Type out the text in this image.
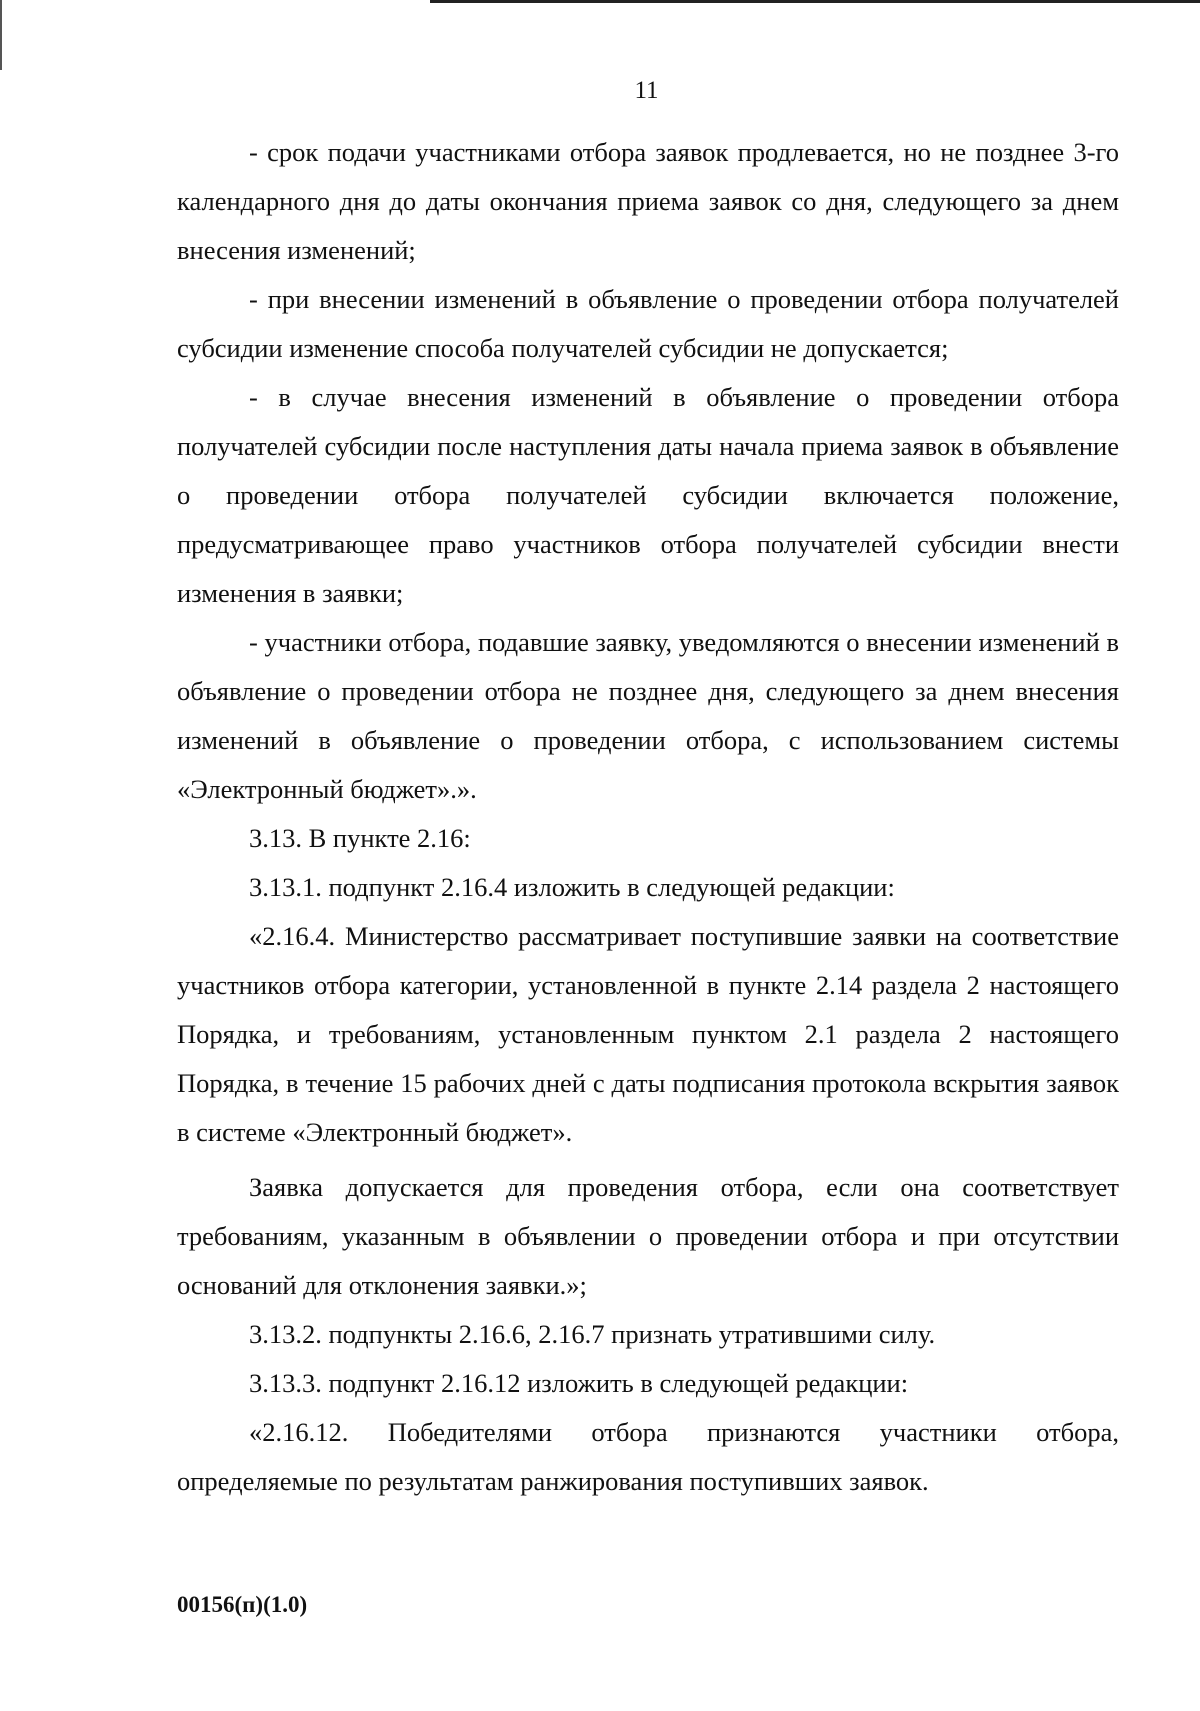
11

- срок подачи участниками отбора заявок продлевается, но не позднее 3-го календарного дня до даты окончания приема заявок со дня, следующего за днем внесения изменений;

- при внесении изменений в объявление о проведении отбора получателей субсидии изменение способа получателей субсидии не допускается;

- в случае внесения изменений в объявление о проведении отбора получателей субсидии после наступления даты начала приема заявок в объявление о проведении отбора получателей субсидии включается положение, предусматривающее право участников отбора получателей субсидии внести изменения в заявки;

- участники отбора, подавшие заявку, уведомляются о внесении изменений в объявление о проведении отбора не позднее дня, следующего за днем внесения изменений в объявление о проведении отбора, с использованием системы «Электронный бюджет».».

3.13. В пункте 2.16:

3.13.1. подпункт 2.16.4 изложить в следующей редакции:

«2.16.4. Министерство рассматривает поступившие заявки на соответствие участников отбора категории, установленной в пункте 2.14 раздела 2 настоящего Порядка, и требованиям, установленным пунктом 2.1 раздела 2 настоящего Порядка, в течение 15 рабочих дней с даты подписания протокола вскрытия заявок в системе «Электронный бюджет».

Заявка допускается для проведения отбора, если она соответствует требованиям, указанным в объявлении о проведении отбора и при отсутствии оснований для отклонения заявки.»;

3.13.2. подпункты 2.16.6, 2.16.7 признать утратившими силу.

3.13.3. подпункт 2.16.12 изложить в следующей редакции:

«2.16.12. Победителями отбора признаются участники отбора, определяемые по результатам ранжирования поступивших заявок.

00156(п)(1.0)
